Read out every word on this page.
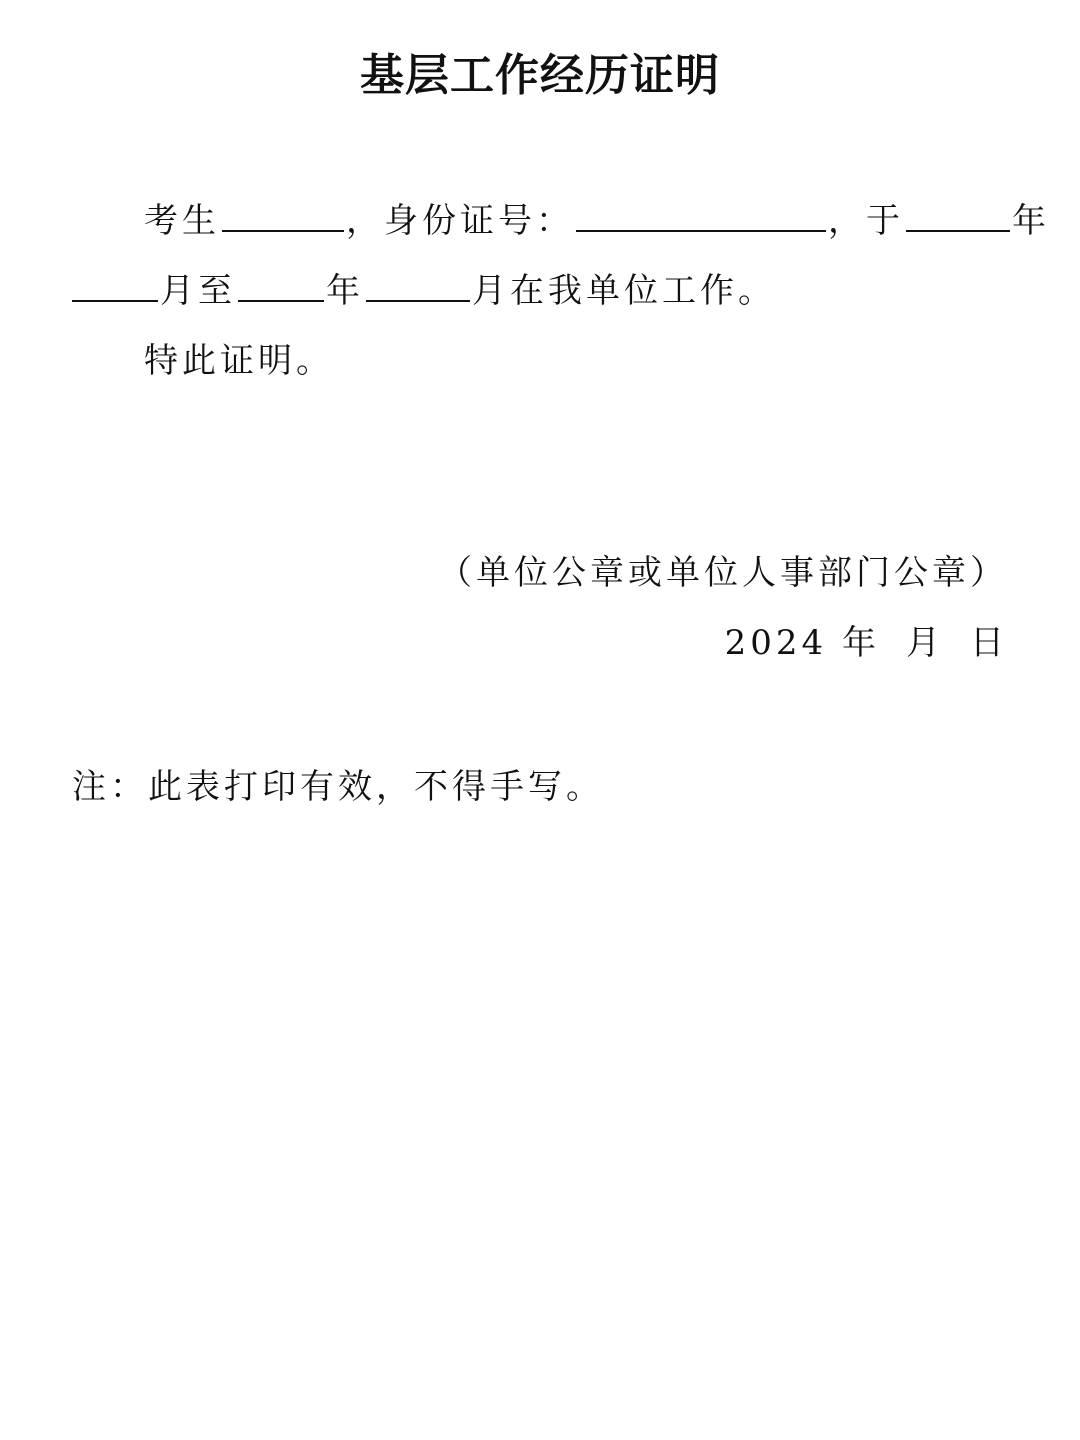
基层工作经历证明
考生	，身份证号：	，于	年
月至	年	月在我单位工作。
特此证明。
（单位公章或单位人事部门公章）
2024 年 月 日
注：此表打印有效，不得手写。
